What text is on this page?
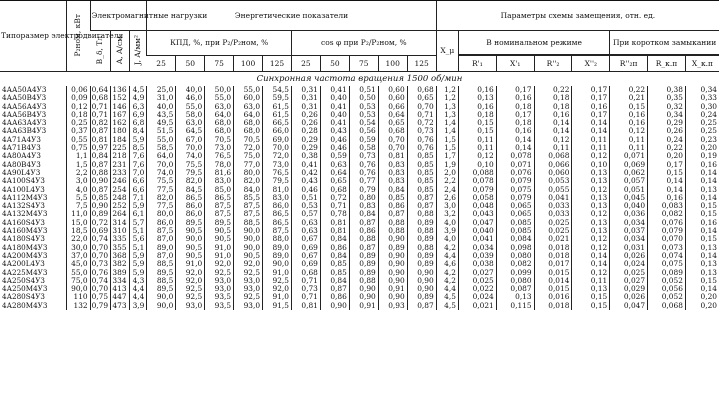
Типоразмер электродвигателя	P₂ном, кВт	Электромагнитные нагрузки			Энергетические показатели										Параметры схемы замещения, отн. ед.							
		B_δ, Тл	A, A/см	J, A/мм²	КПД, %, при P₂/P₂ном, %					cos φ при P₂/P₂ном, %					X_μ	В номинальном режиме				При коротком замыкании		

					25	50	75	100	125	25	50	75	100	125		R'₁	X'₁	R''₂	X''₂	R''₂п	R_к.п	X_к.п
Синхронная частота вращения 1500 об/мин																						
4АА50А4У3	0,06	0,64	136	4,5	25,0	40,0	50,0	55,0	54,5	0,31	0,41	0,51	0,60	0,68	1,2	0,16	0,17	0,22	0,17	0,22	0,38	0,34
4АА50В4У3	0,09	0,68	152	4,9	31,0	46,0	55,0	60,0	59,5	0,31	0,40	0,50	0,60	0,65	1,2	0,13	0,16	0,18	0,17	0,21	0,35	0,33
4АА56А4У3	0,12	0,71	146	6,3	40,0	55,0	63,0	63,0	61,5	0,31	0,41	0,53	0,66	0,70	1,3	0,16	0,18	0,18	0,16	0,15	0,32	0,30
4АА56В4У3	0,18	0,71	167	6,9	43,5	58,0	64,0	64,0	61,5	0,26	0,40	0,53	0,64	0,71	1,3	0,18	0,17	0,16	0,17	0,16	0,34	0,24
4АА63А4У3	0,25	0,82	162	6,8	49,5	63,0	68,0	68,0	66,5	0,26	0,41	0,54	0,65	0,72	1,4	0,15	0,18	0,14	0,14	0,16	0,29	0,25
4АА63В4У3	0,37	0,87	180	8,4	51,5	64,5	68,0	68,0	66,0	0,28	0,43	0,56	0,68	0,73	1,4	0,15	0,16	0,14	0,14	0,12	0,26	0,25
4А71А4У3	0,55	0,81	184	5,9	55,0	67,0	70,5	70,5	69,0	0,29	0,46	0,59	0,70	0,76	1,5	0,11	0,14	0,12	0,11	0,11	0,24	0,23
4А71В4У3	0,75	0,97	225	8,5	58,5	70,0	73,0	72,0	70,0	0,29	0,46	0,58	0,70	0,76	1,5	0,11	0,14	0,11	0,11	0,11	0,22	0,20
4А80А4У3	1,1	0,84	218	7,6	64,0	74,0	76,5	75,0	72,0	0,38	0,59	0,73	0,81	0,85	1,7	0,12	0,078	0,068	0,12	0,071	0,20	0,19
4А80В4У3	1,5	0,87	231	7,6	70,0	75,5	78,0	77,0	73,0	0,41	0,63	0,76	0,83	0,85	1,9	0,10	0,071	0,066	0,10	0,069	0,17	0,16
4А90L4У3	2,2	0,88	233	7,0	74,0	79,5	81,6	80,0	76,5	0,42	0,64	0,76	0,83	0,85	2,0	0,088	0,076	0,060	0,13	0,062	0,15	0,14
4А100S4У3	3,0	0,90	246	6,6	75,5	82,0	83,0	82,0	79,5	0,43	0,65	0,77	0,83	0,85	2,2	0,078	0,079	0,053	0,13	0,057	0,14	0,14
4А100L4У3	4,0	0,87	254	6,6	77,5	84,5	85,0	84,0	81,0	0,46	0,68	0,79	0,84	0,85	2,4	0,079	0,075	0,055	0,12	0,051	0,14	0,13
4А112М4У3	5,5	0,85	248	7,1	82,0	86,5	86,5	85,5	83,0	0,51	0,72	0,80	0,85	0,87	2,6	0,058	0,079	0,041	0,13	0,045	0,16	0,14
4А132S4У3	7,5	0,90	252	5,9	77,5	86,0	87,5	87,5	86,0	0,53	0,71	0,83	0,86	0,87	3,0	0,048	0,065	0,033	0,13	0,040	0,083	0,15
4А132М4У3	11,0	0,89	264	6,1	80,0	86,0	87,5	87,5	86,5	0,57	0,78	0,84	0,87	0,88	3,2	0,043	0,065	0,033	0,12	0,036	0,082	0,15
4А160S4У3	15,0	0,72	314	5,7	86,0	89,5	89,5	88,5	86,5	0,63	0,81	0,87	0,88	0,89	4,0	0,047	0,085	0,025	0,13	0,034	0,076	0,16
4А160М4У3	18,5	0,69	310	5,1	87,5	90,5	90,5	90,0	87,5	0,63	0,81	0,86	0,88	0,88	3,9	0,040	0,085	0,025	0,13	0,037	0,079	0,14
4А180S4У3	22,0	0,74	335	5,6	87,0	90,0	90,5	90,0	88,0	0,67	0,84	0,88	0,90	0,89	4,0	0,041	0,084	0,021	0,12	0,034	0,070	0,15
4А180М4У3	30,0	0,70	355	5,1	89,0	90,5	91,0	90,0	89,0	0,69	0,86	0,87	0,89	0,88	4,2	0,034	0,098	0,018	0,12	0,031	0,073	0,13
4А200М4У3	37,0	0,70	368	5,9	87,0	90,5	91,0	90,5	89,0	0,67	0,84	0,89	0,90	0,89	4,4	0,039	0,080	0,018	0,14	0,026	0,074	0,14
4А200L4У3	45,0	0,73	382	5,9	88,5	91,0	92,0	92,0	90,0	0,69	0,85	0,89	0,90	0,89	4,6	0,038	0,082	0,017	0,14	0,024	0,075	0,13
4А225М4У3	55,0	0,76	389	5,9	89,5	92,0	92,5	92,5	91,0	0,68	0,85	0,89	0,90	0,90	4,2	0,027	0,099	0,015	0,12	0,025	0,089	0,13
4А250S4У3	75,0	0,74	334	4,3	88,5	92,0	93,0	93,0	92,5	0,71	0,84	0,88	0,90	0,90	4,2	0,025	0,080	0,014	0,11	0,027	0,052	0,15
4А250М4У3	90,0	0,70	413	4,4	89,5	92,5	93,0	93,0	92,0	0,73	0,87	0,90	0,91	0,90	4,4	0,022	0,087	0,015	0,13	0,029	0,056	0,14
4А280S4У3	110	0,75	447	4,4	90,0	92,5	93,5	92,5	91,0	0,71	0,86	0,90	0,90	0,89	4,5	0,024	0,13	0,016	0,15	0,026	0,052	0,20
4А280М4У3	132	0,79	473	3,9	90,0	93,0	93,5	93,0	91,5	0,81	0,90	0,91	0,93	0,87	4,5	0,021	0,115	0,018	0,15	0,047	0,068	0,20
